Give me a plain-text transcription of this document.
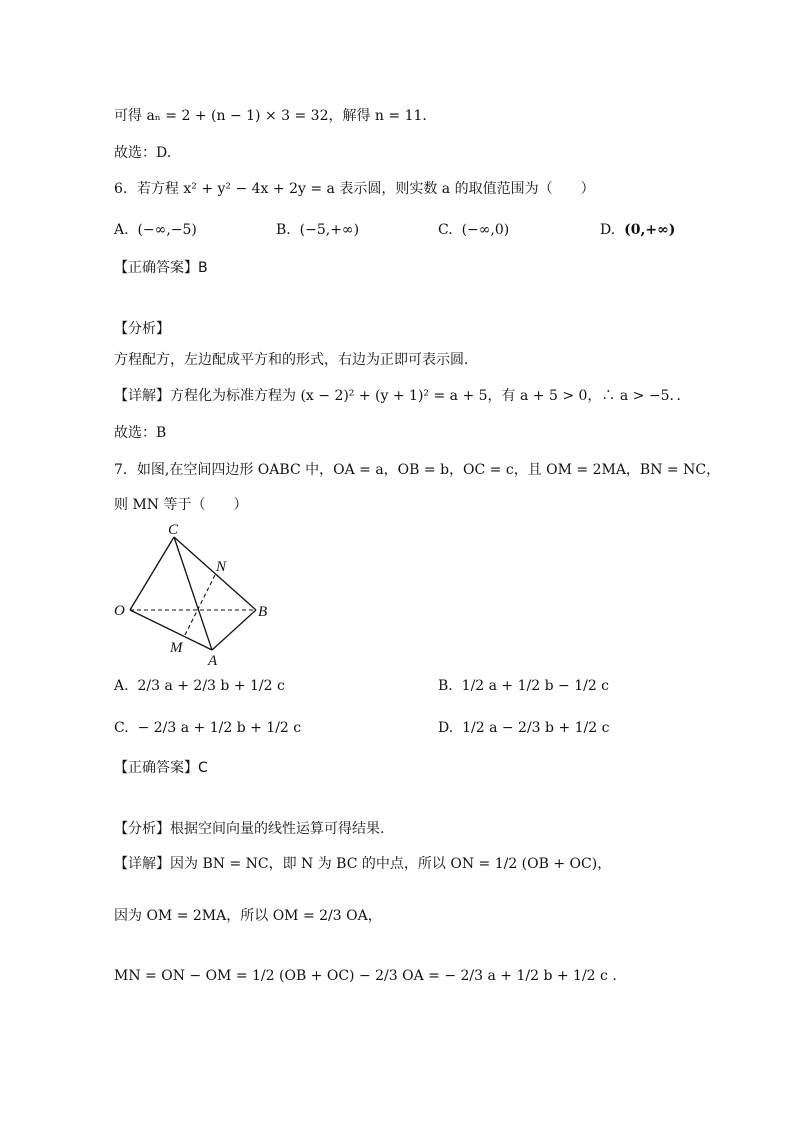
可得 aₙ = 2 + (n − 1) × 3 = 32，解得 n = 11．
故选：D.
6．若方程 x² + y² − 4x + 2y = a 表示圆，则实数 a 的取值范围为（　　）
A. (−∞,−5)	B. (−5,+∞)	C. (−∞,0)	D. (0,+∞)
【正确答案】B
【分析】
方程配方，左边配成平方和的形式，右边为正即可表示圆．
【详解】方程化为标准方程为 (x − 2)² + (y + 1)² = a + 5，有 a + 5 > 0，∴ a > −5．．
故选：B
7．如图,在空间四边形 OABC 中，OA = a，OB = b，OC = c，且 OM = 2MA，BN = NC，
则 MN 等于（　　）
C
N
O	B
M
A
A. 2/3 a + 2/3 b + 1/2 c	B. 1/2 a + 1/2 b − 1/2 c
C. − 2/3 a + 1/2 b + 1/2 c	D. 1/2 a − 2/3 b + 1/2 c
【正确答案】C
【分析】根据空间向量的线性运算可得结果.
【详解】因为 BN = NC，即 N 为 BC 的中点，所以 ON = 1/2 (OB + OC)，
因为 OM = 2MA，所以 OM = 2/3 OA，
MN = ON − OM = 1/2 (OB + OC) − 2/3 OA = − 2/3 a + 1/2 b + 1/2 c .
